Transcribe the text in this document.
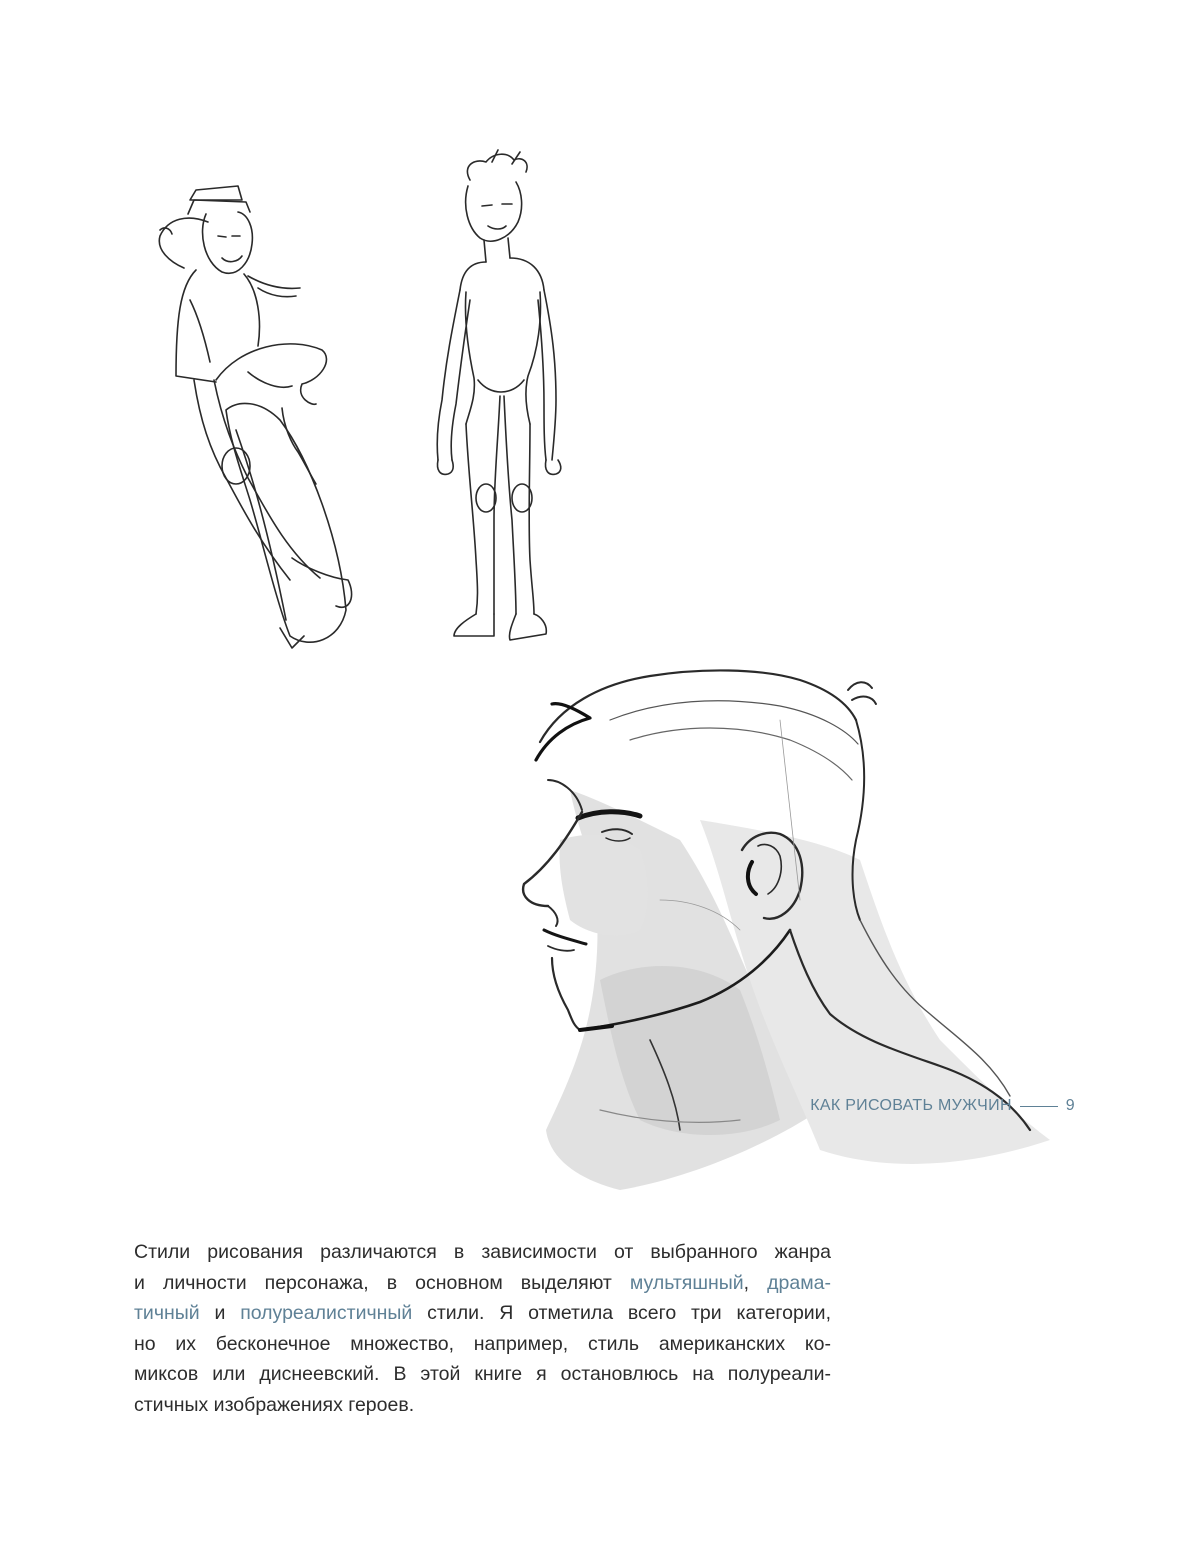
Стили рисования различаются в зависимости от выбранного жанра
и личности персонажа, в основном выделяют мультяшный, драма-
тичный и полуреалистичный стили. Я отметила всего три категории,
но их бесконечное множество, например, стиль американских ко-
миксов или диснеевский. В этой книге я остановлюсь на полуреали-
стичных изображениях героев.
КАК РИСОВАТЬ МУЖЧИН	9
